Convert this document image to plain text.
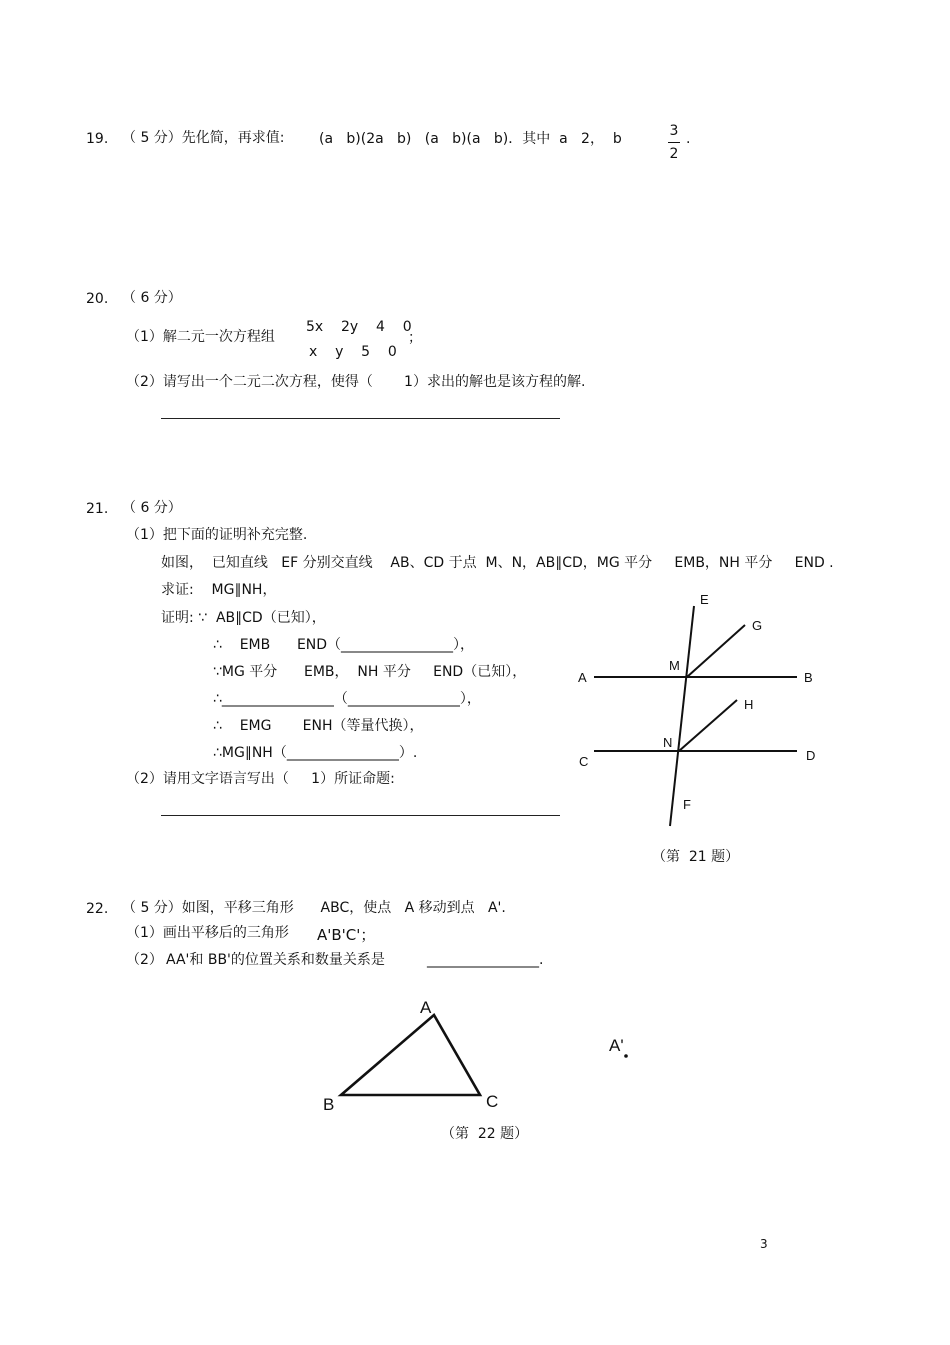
19. （ 5 分）先化简，再求值: (a   b)(2a   b)   (a   b)(a   b)．其中  a   2，  b	3
2
.
20. （ 6 分）
（1）解二元一次方程组
5x    2y    4    0
x    y    5    0
；
（2）请写出一个二元二次方程，使得（       1）求出的解也是该方程的解.
21. （ 6 分）
（1）把下面的证明补充完整.
如图，  已知直线   EF 分别交直线    AB、CD 于点  M、N，AB∥CD，MG 平分     EMB，NH 平分     END .
求证:    MG∥NH，
证明: ∵  AB∥CD（已知），
∴    EMB      END（________________），
∵MG 平分      EMB，  NH 平分     END（已知），
∴________________（________________），
∴    EMG       ENH（等量代换），
∴MG∥NH（________________）.
（2）请用文字语言写出（     1）所证命题:
（第  21 题）
E
G
M
A	B
H
N
C	D
F
A
B	C
A'
22. （ 5 分）如图，平移三角形      ABC，使点   A 移动到点   A'.
（1）画出平移后的三角形 A'B'C'；
（2） AA'和 BB'的位置关系和数量关系是	________________.
（第  22 题）
3
